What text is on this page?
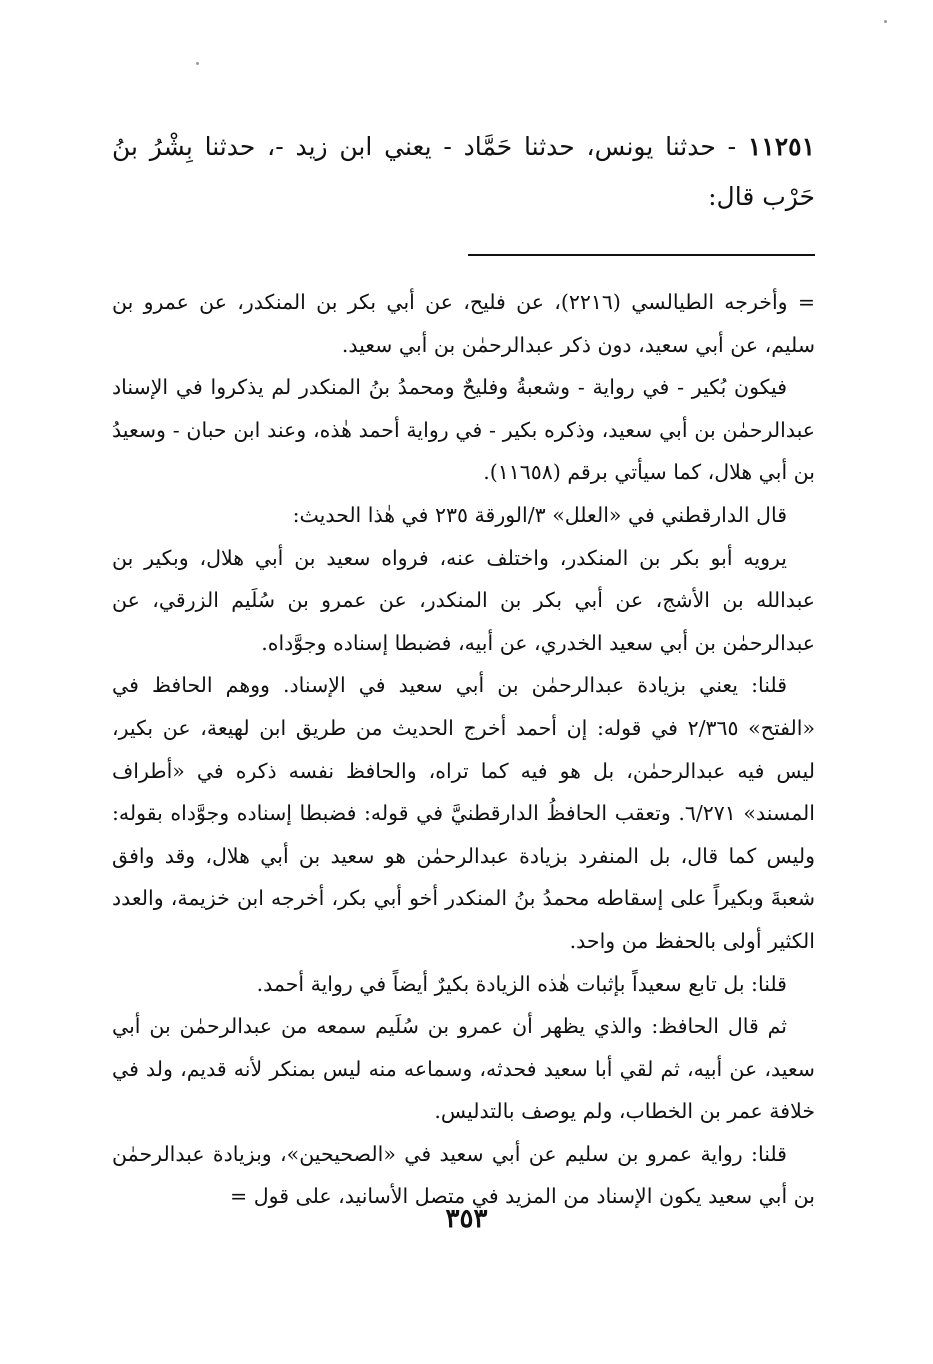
١١٢٥١ - حدثنا يونس، حدثنا حَمَّاد - يعني ابن زيد -، حدثنا بِشْرُ بنُ حَرْب قال:

= وأخرجه الطيالسي (٢٢١٦)، عن فليح، عن أبي بكر بن المنكدر، عن عمرو بن سليم، عن أبي سعيد، دون ذكر عبدالرحمٰن بن أبي سعيد.

فيكون بُكير - في رواية - وشعبةُ وفليحٌ ومحمدُ بنُ المنكدر لم يذكروا في الإسناد عبدالرحمٰن بن أبي سعيد، وذكره بكير - في رواية أحمد هٰذه، وعند ابن حبان - وسعيدُ بن أبي هلال، كما سيأتي برقم (١١٦٥٨).

قال الدارقطني في «العلل» ٣/الورقة ٢٣٥ في هٰذا الحديث:

يرويه أبو بكر بن المنكدر، واختلف عنه، فرواه سعيد بن أبي هلال، وبكير بن عبدالله بن الأشج، عن أبي بكر بن المنكدر، عن عمرو بن سُلَيم الزرقي، عن عبدالرحمٰن بن أبي سعيد الخدري، عن أبيه، فضبطا إسناده وجوَّداه.

قلنا: يعني بزيادة عبدالرحمٰن بن أبي سعيد في الإسناد. ووهم الحافظ في «الفتح» ٢/٣٦٥ في قوله: إن أحمد أخرج الحديث من طريق ابن لهيعة، عن بكير، ليس فيه عبدالرحمٰن، بل هو فيه كما تراه، والحافظ نفسه ذكره في «أطراف المسند» ٦/٢٧١. وتعقب الحافظُ الدارقطنيَّ في قوله: فضبطا إسناده وجوَّداه بقوله: وليس كما قال، بل المنفرد بزيادة عبدالرحمٰن هو سعيد بن أبي هلال، وقد وافق شعبةَ وبكيراً على إسقاطه محمدُ بنُ المنكدر أخو أبي بكر، أخرجه ابن خزيمة، والعدد الكثير أولى بالحفظ من واحد.

قلنا: بل تابع سعيداً بإثبات هٰذه الزيادة بكيرٌ أيضاً في رواية أحمد.

ثم قال الحافظ: والذي يظهر أن عمرو بن سُلَيم سمعه من عبدالرحمٰن بن أبي سعيد، عن أبيه، ثم لقي أبا سعيد فحدثه، وسماعه منه ليس بمنكر لأنه قديم، ولد في خلافة عمر بن الخطاب، ولم يوصف بالتدليس.

قلنا: رواية عمرو بن سليم عن أبي سعيد في «الصحيحين»، وبزيادة عبدالرحمٰن بن أبي سعيد يكون الإسناد من المزيد في متصل الأسانيد، على قول =

٣٥٣
